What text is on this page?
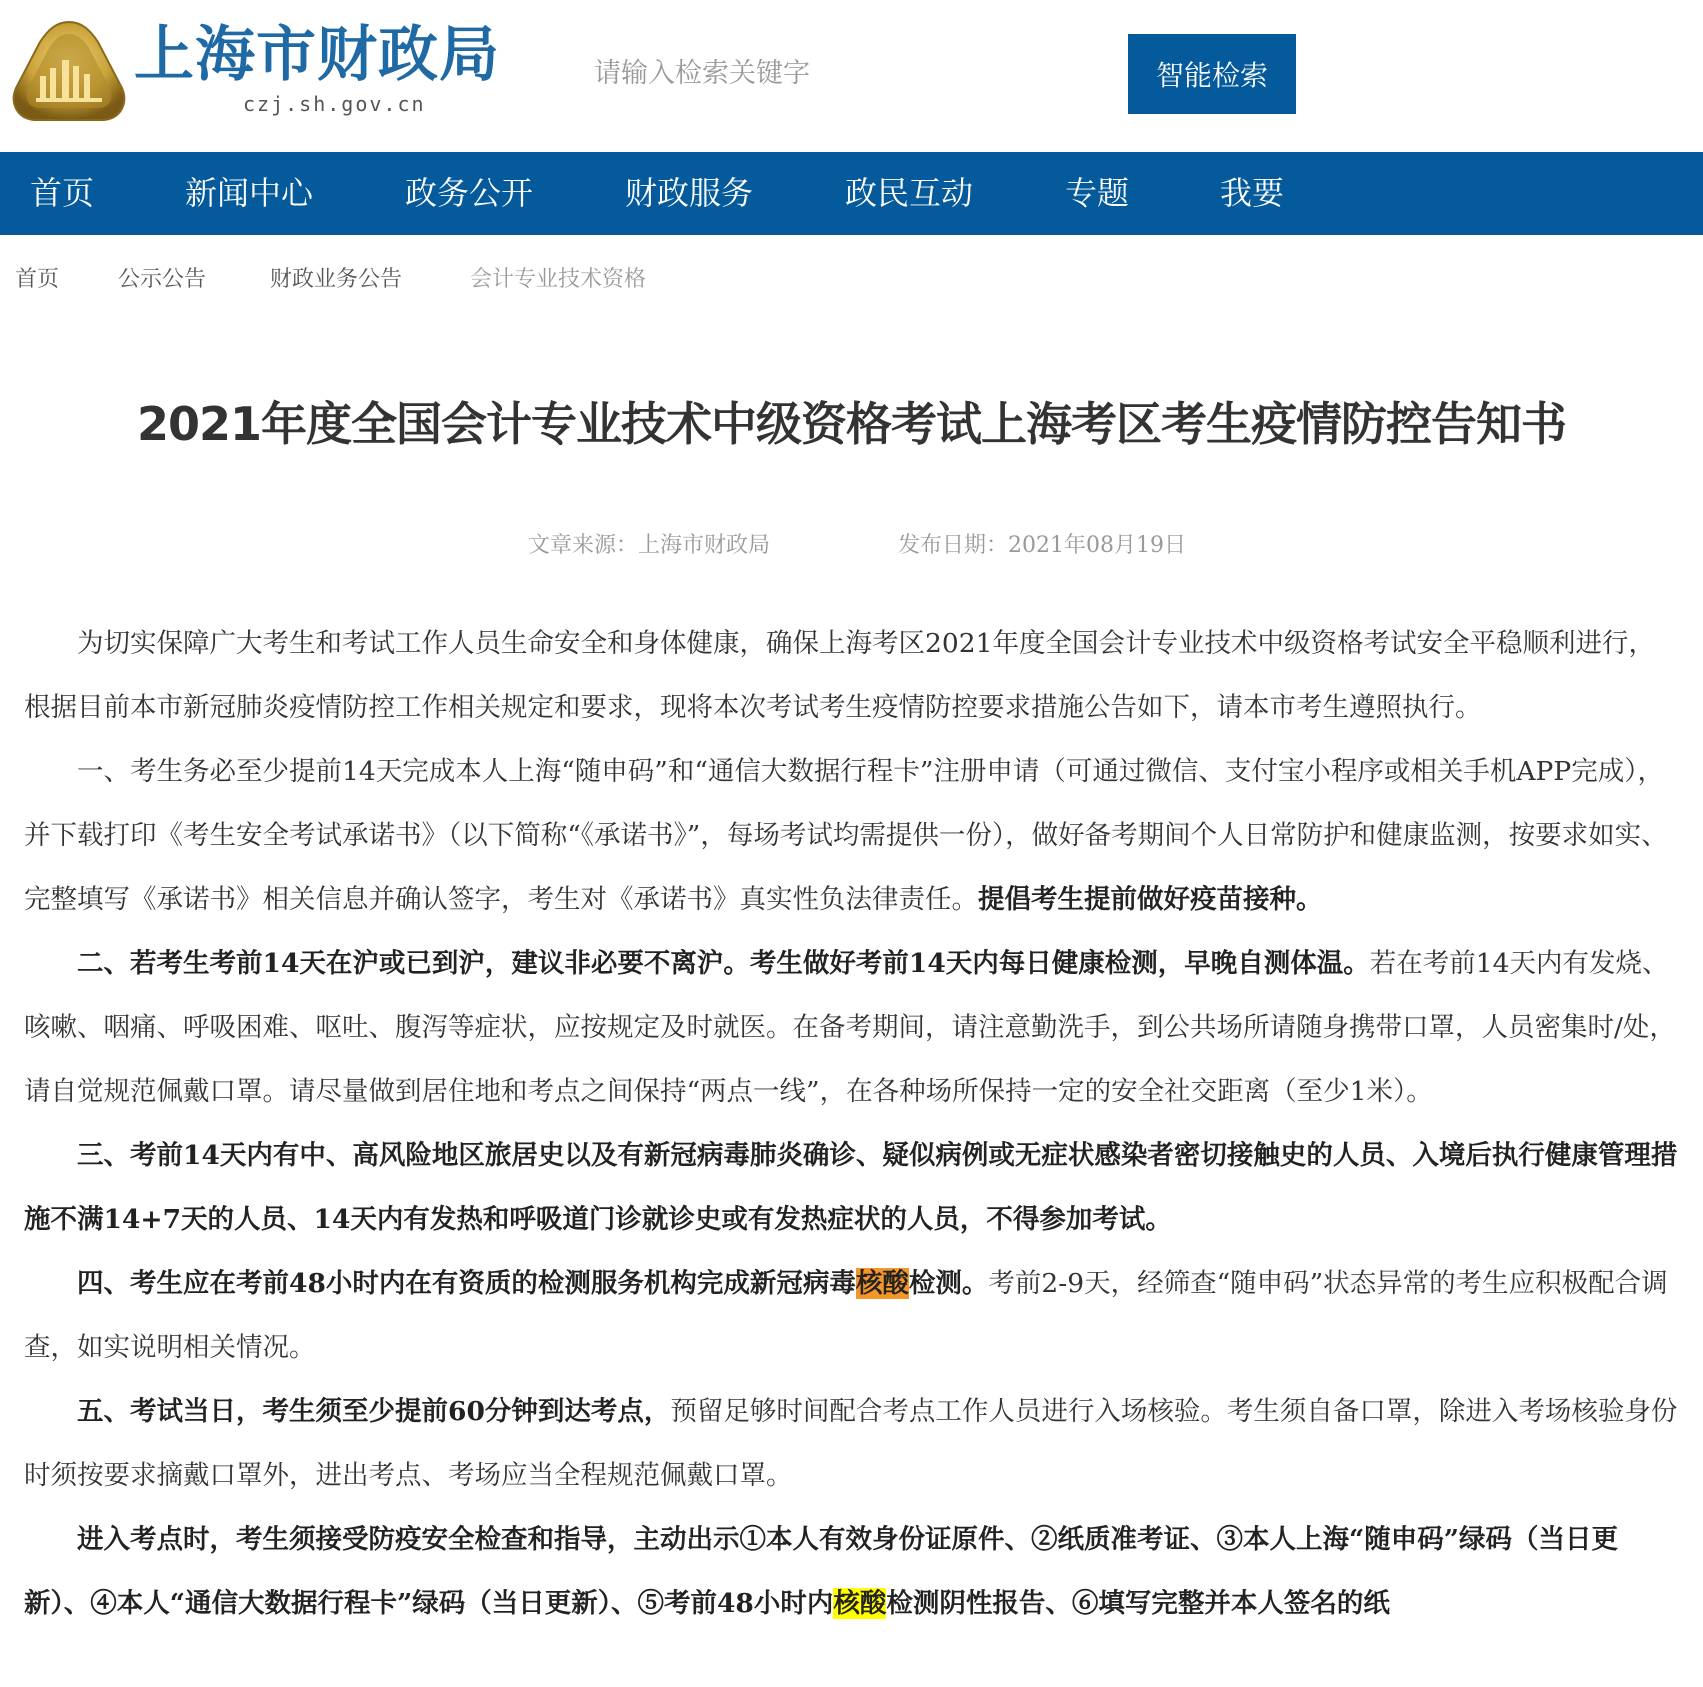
上海市财政局
czj.sh.gov.cn
请输入检索关键字
智能检索
首页	新闻中心	政务公开	财政服务	政民互动	专题	我要
首页	公示公告	财政业务公告	会计专业技术资格
2021年度全国会计专业技术中级资格考试上海考区考生疫情防控告知书
文章来源：上海市财政局	发布日期：2021年08月19日

为切实保障广大考生和考试工作人员生命安全和身体健康，确保上海考区2021年度全国会计专业技术中级资格考试安全平稳顺利进行，根据目前本市新冠肺炎疫情防控工作相关规定和要求，现将本次考试考生疫情防控要求措施公告如下，请本市考生遵照执行。

一、考生务必至少提前14天完成本人上海“随申码”和“通信大数据行程卡”注册申请（可通过微信、支付宝小程序或相关手机APP完成），并下载打印《考生安全考试承诺书》（以下简称“《承诺书》”，每场考试均需提供一份），做好备考期间个人日常防护和健康监测，按要求如实、完整填写《承诺书》相关信息并确认签字，考生对《承诺书》真实性负法律责任。提倡考生提前做好疫苗接种。

二、若考生考前14天在沪或已到沪，建议非必要不离沪。考生做好考前14天内每日健康检测，早晚自测体温。若在考前14天内有发烧、咳嗽、咽痛、呼吸困难、呕吐、腹泻等症状，应按规定及时就医。在备考期间，请注意勤洗手，到公共场所请随身携带口罩，人员密集时/处，请自觉规范佩戴口罩。请尽量做到居住地和考点之间保持“两点一线”，在各种场所保持一定的安全社交距离（至少1米）。

三、考前14天内有中、高风险地区旅居史以及有新冠病毒肺炎确诊、疑似病例或无症状感染者密切接触史的人员、入境后执行健康管理措施不满14+7天的人员、14天内有发热和呼吸道门诊就诊史或有发热症状的人员，不得参加考试。

四、考生应在考前48小时内在有资质的检测服务机构完成新冠病毒核酸检测。考前2-9天，经筛查“随申码”状态异常的考生应积极配合调查，如实说明相关情况。

五、考试当日，考生须至少提前60分钟到达考点，预留足够时间配合考点工作人员进行入场核验。考生须自备口罩，除进入考场核验身份时须按要求摘戴口罩外，进出考点、考场应当全程规范佩戴口罩。

进入考点时，考生须接受防疫安全检查和指导，主动出示①本人有效身份证原件、②纸质准考证、③本人上海“随申码”绿码（当日更新）、④本人“通信大数据行程卡”绿码（当日更新）、⑤考前48小时内核酸检测阴性报告、⑥填写完整并本人签名的纸
